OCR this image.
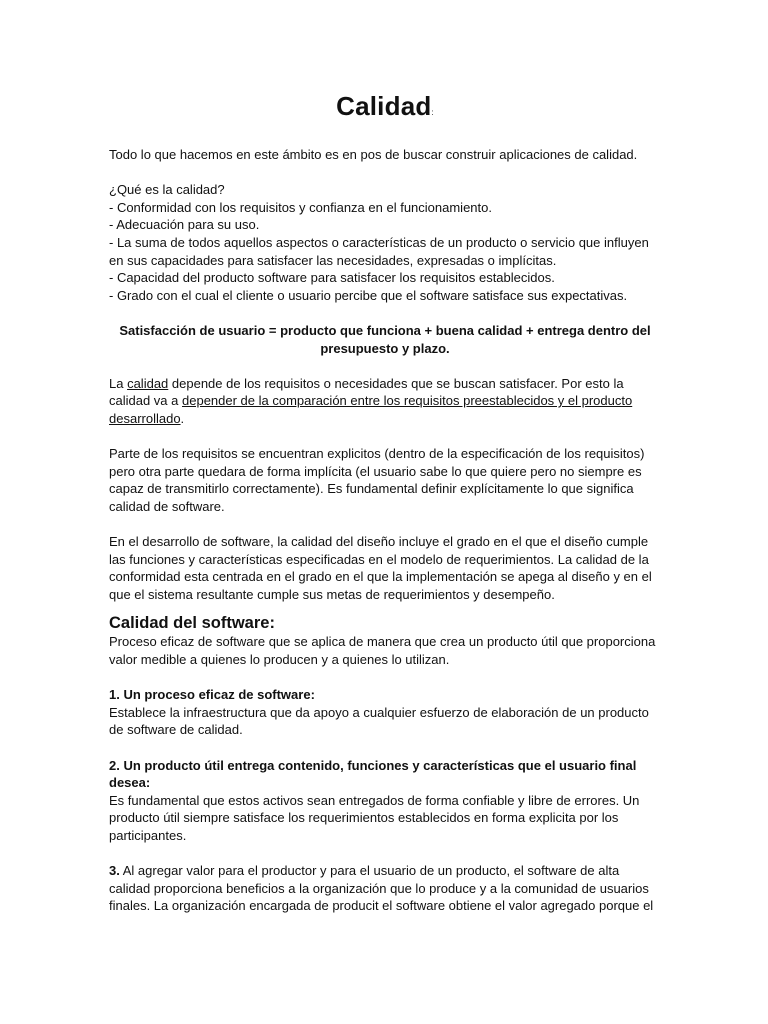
Calidad:

Todo lo que hacemos en este ámbito es en pos de buscar construir aplicaciones de calidad.

¿Qué es la calidad?

- Conformidad con los requisitos y confianza en el funcionamiento.

- Adecuación para su uso.

- La suma de todos aquellos aspectos o características de un producto o servicio que influyen en sus capacidades para satisfacer las necesidades, expresadas o implícitas.

- Capacidad del producto software para satisfacer los requisitos establecidos.

- Grado con el cual el cliente o usuario percibe que el software satisface sus expectativas.

Satisfacción de usuario = producto que funciona + buena calidad + entrega dentro del presupuesto y plazo.

La calidad depende de los requisitos o necesidades que se buscan satisfacer. Por esto la calidad va a depender de la comparación entre los requisitos preestablecidos y el producto desarrollado.

Parte de los requisitos se encuentran explicitos (dentro de la especificación de los requisitos) pero otra parte quedara de forma implícita (el usuario sabe lo que quiere pero no siempre es capaz de transmitirlo correctamente). Es fundamental definir explícitamente lo que significa calidad de software.

En el desarrollo de software, la calidad del diseño incluye el grado en el que el diseño cumple las funciones y características especificadas en el modelo de requerimientos. La calidad de la conformidad esta centrada en el grado en el que la implementación se apega al diseño y en el que el sistema resultante cumple sus metas de requerimientos y desempeño.

Calidad del software:

Proceso eficaz de software que se aplica de manera que crea un producto útil que proporciona valor medible a quienes lo producen y a quienes lo utilizan.

1. Un proceso eficaz de software:

Establece la infraestructura que da apoyo a cualquier esfuerzo de elaboración de un producto de software de calidad.

2. Un producto útil entrega contenido, funciones y características que el usuario final desea:

Es fundamental que estos activos sean entregados de forma confiable y libre de errores. Un producto útil siempre satisface los requerimientos establecidos en forma explicita por los participantes.

3. Al agregar valor para el productor y para el usuario de un producto, el software de alta calidad proporciona beneficios a la organización que lo produce y a la comunidad de usuarios finales. La organización encargada de producit el software obtiene el valor agregado porque el
